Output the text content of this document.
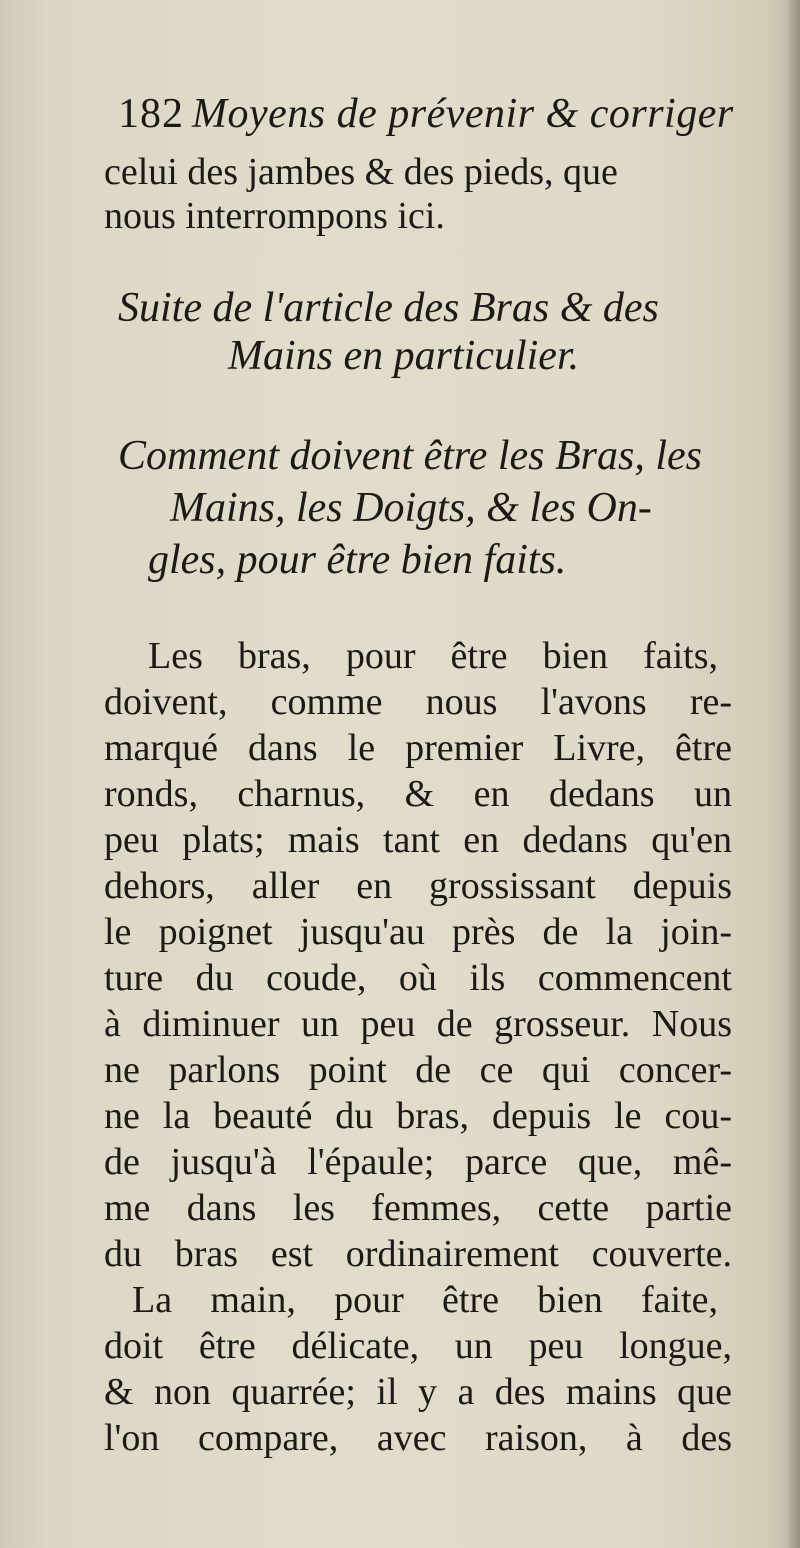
182 Moyens de prévenir & corriger
celui des jambes & des pieds, que
nous interrompons ici.
Suite de l'article des Bras & des
Mains en particulier.
Comment doivent être les Bras, les
Mains, les Doigts, & les On-
gles, pour être bien faits.
Les bras, pour être bien faits,
doivent, comme nous l'avons re-
marqué dans le premier Livre, être
ronds, charnus, & en dedans un
peu plats; mais tant en dedans qu'en
dehors, aller en grossissant depuis
le poignet jusqu'au près de la join-
ture du coude, où ils commencent
à diminuer un peu de grosseur. Nous
ne parlons point de ce qui concer-
ne la beauté du bras, depuis le cou-
de jusqu'à l'épaule; parce que, mê-
me dans les femmes, cette partie
du bras est ordinairement couverte.
La main, pour être bien faite,
doit être délicate, un peu longue,
& non quarrée; il y a des mains que
l'on compare, avec raison, à des
